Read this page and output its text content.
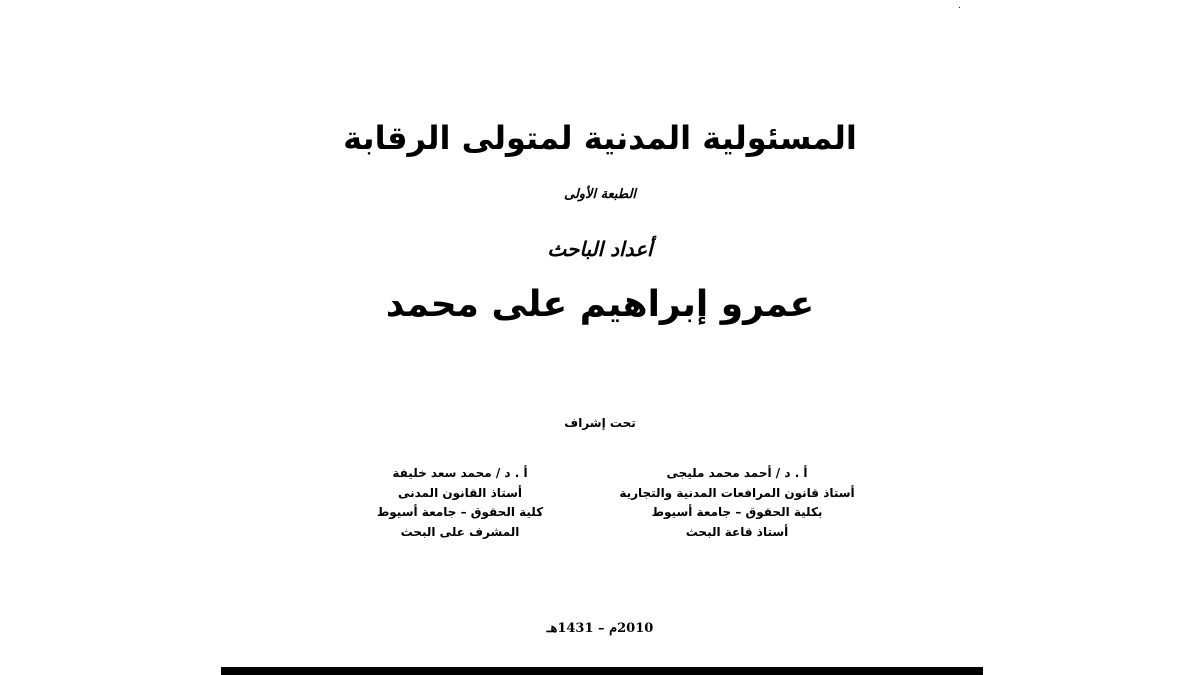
.
المسئولية المدنية لمتولى الرقابة
الطبعة الأولى
أعداد الباحث
عمرو إبراهيم على محمد
تحت إشراف
أ . د / أحمد محمد مليجى
أستاذ قانون المرافعات المدنية والتجارية
بكلية الحقوق – جامعة أسيوط
أستاذ قاعة البحث
أ . د / محمد سعد خليفة
أستاذ القانون المدنى
كلية الحقوق – جامعة أسيوط
المشرف على البحث
2010م – 1431هـ
